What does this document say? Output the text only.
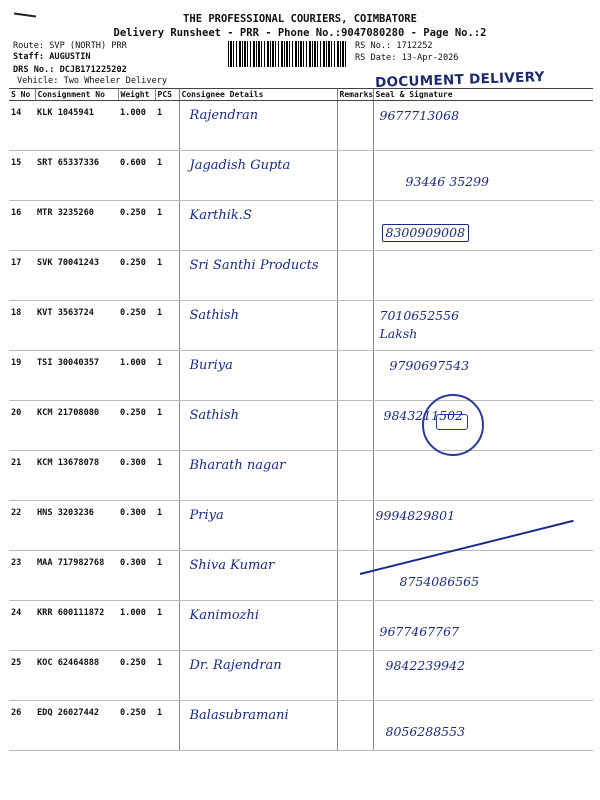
THE PROFESSIONAL COURIERS, COIMBATORE
Delivery Runsheet - PRR - Phone No.:9047080280 - Page No.:2
Route: SVP (NORTH) PRR
Staff: AUGUSTIN
DRS No.: DCJB171225202
Vehicle: Two Wheeler Delivery
RS No.: 1712252
RS Date: 13-Apr-2026
DOCUMENT DELIVERY
S No	Consignment No	Weight	PCS	Consignee Details	Remarks	Seal & Signature
14	KLK 1045941	1.000	1	Rajendran		9677713068

15	SRT 65337336	0.600	1	Jagadish Gupta		93446 35299

16	MTR 3235260	0.250	1	Karthik.S		8300909008

17	SVK 70041243	0.250	1	Sri Santhi Products		

18	KVT 3563724	0.250	1	Sathish		7010652556
Laksh

19	TSI 30040357	1.000	1	Buriya		9790697543

20	KCM 21708080	0.250	1	Sathish		9843211502

21	KCM 13678078	0.300	1	Bharath nagar		

22	HNS 3203236	0.300	1	Priya		9994829801

23	MAA 717982768	0.300	1	Shiva Kumar		8754086565

24	KRR 600111872	1.000	1	Kanimozhi		9677467767

25	KOC 62464888	0.250	1	Dr. Rajendran		9842239942

26	EDQ 26027442	0.250	1	Balasubramani		8056288553
